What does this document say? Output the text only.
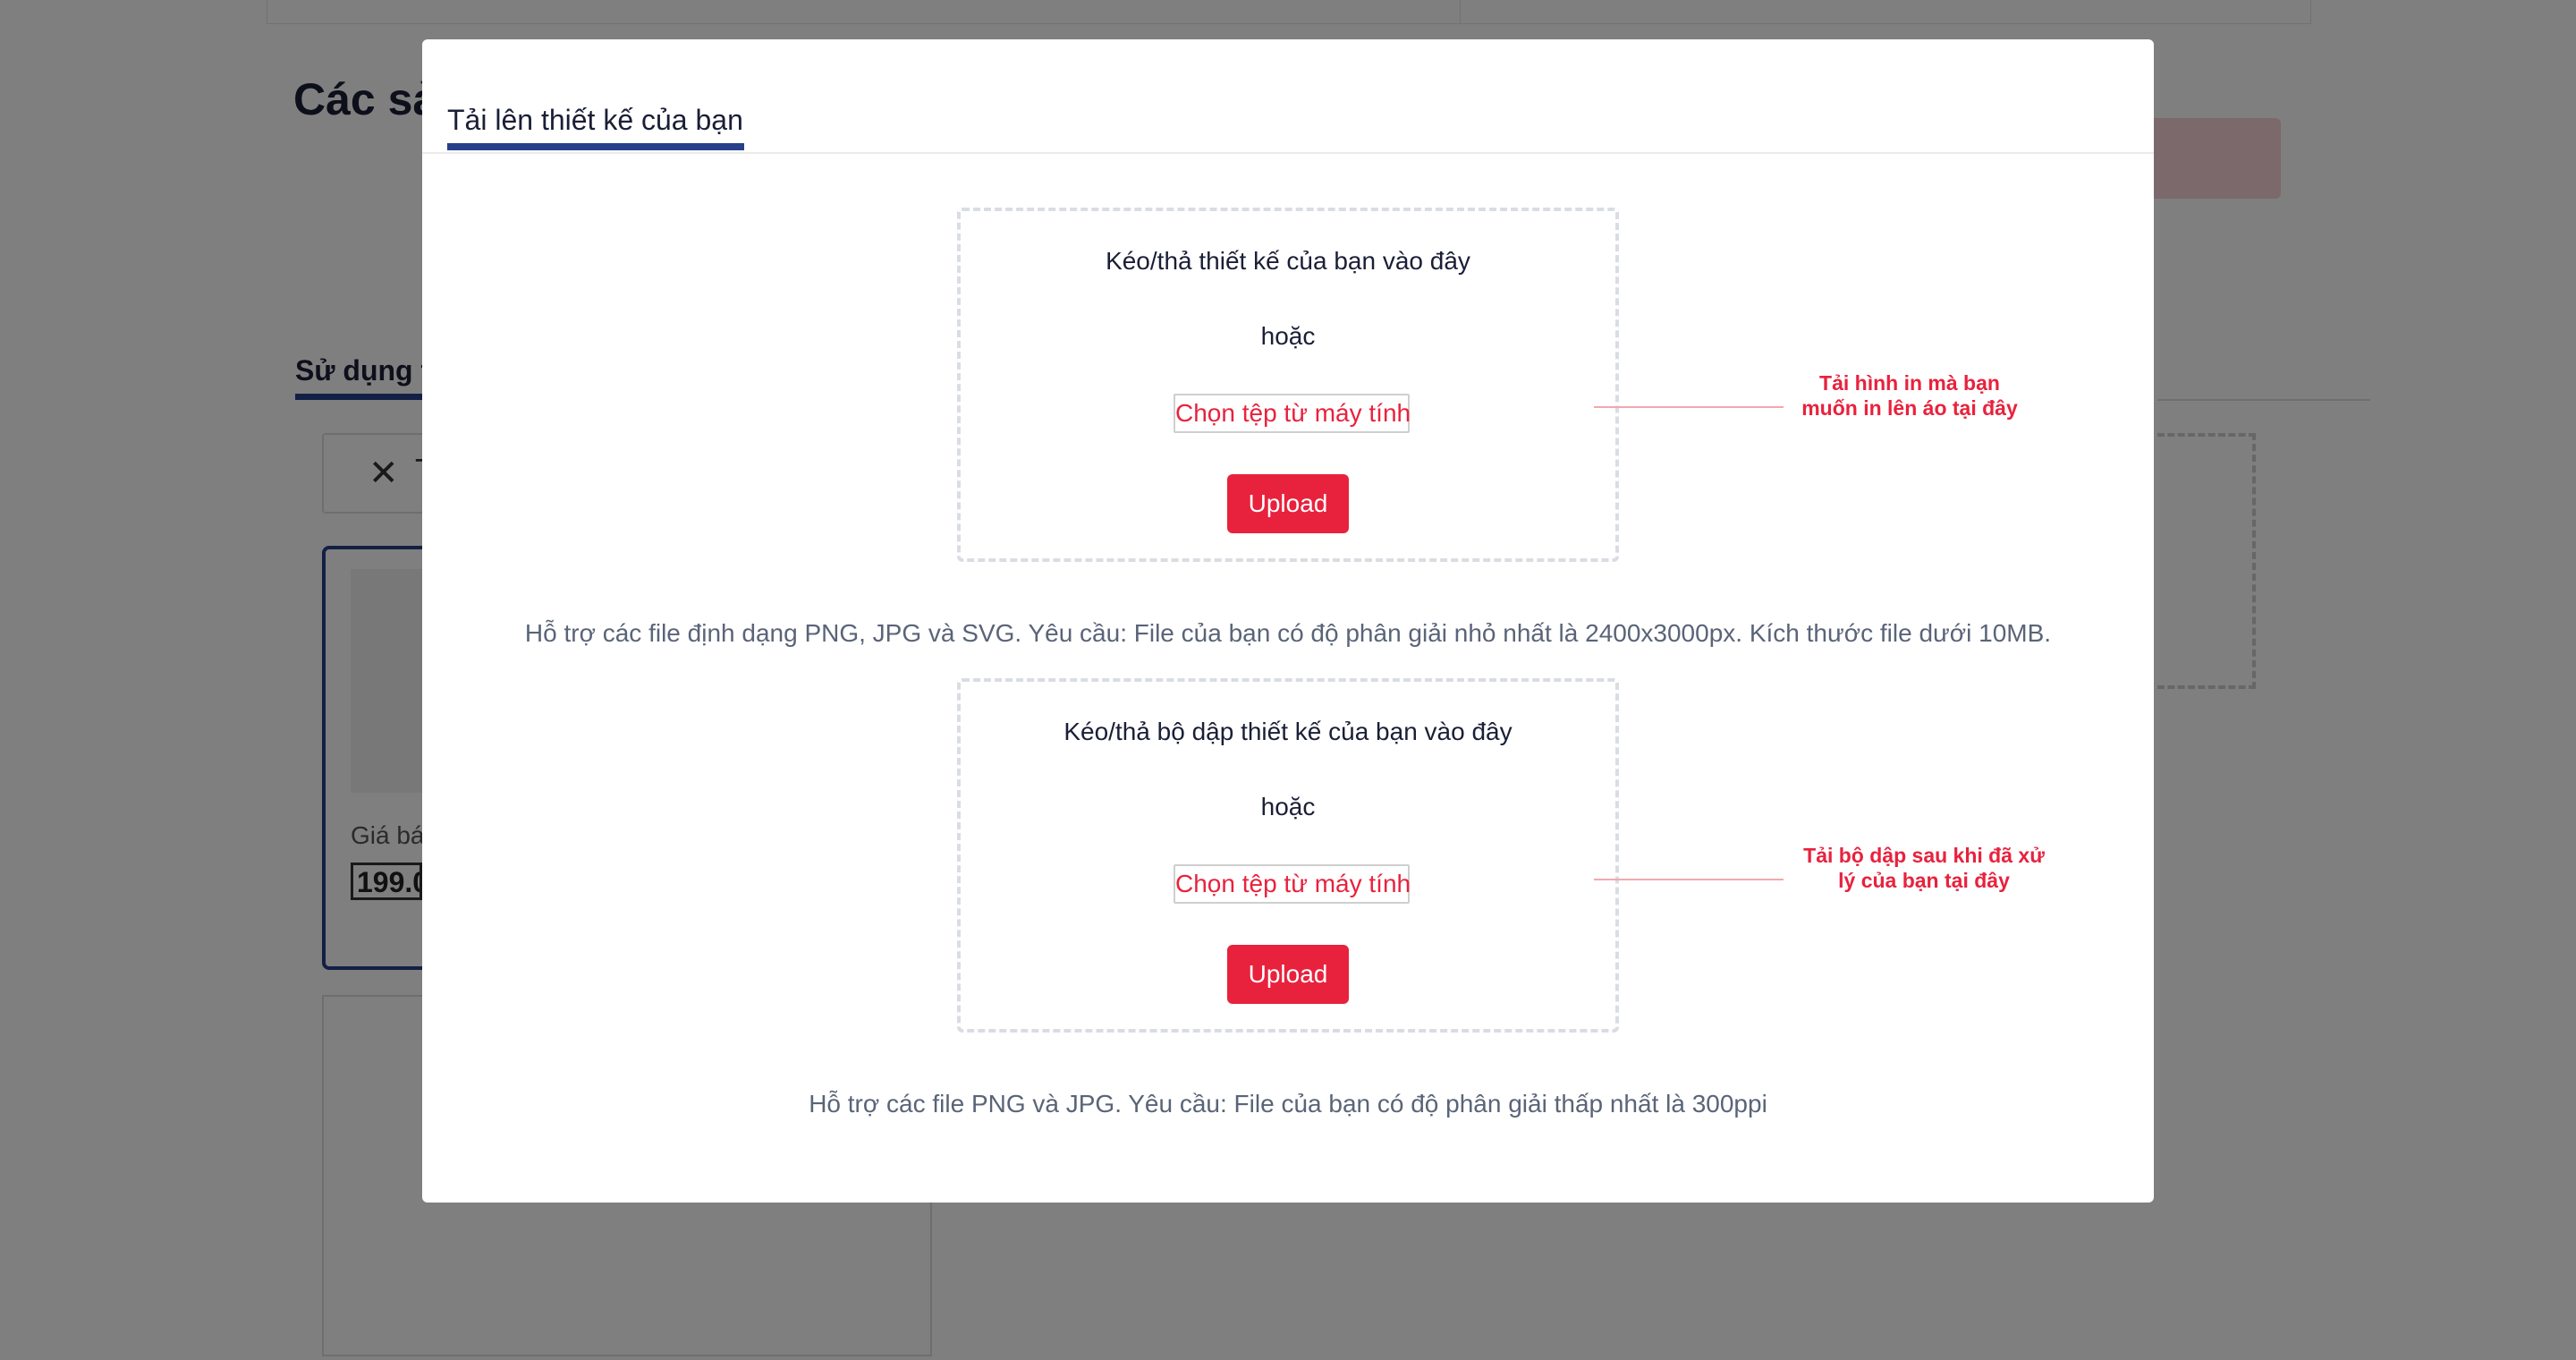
Tải lên thiết kế của bạn
Kéo/thả thiết kế của bạn vào đây
hoặc
Chọn tệp từ máy tính
Upload
Hỗ trợ các file định dạng PNG, JPG và SVG. Yêu cầu: File của bạn có độ phân giải nhỏ nhất là 2400x3000px. Kích thước file dưới 10MB.
Tải hình in mà bạn muốn in lên áo tại đây
Kéo/thả bộ dập thiết kế của bạn vào đây
hoặc
Chọn tệp từ máy tính
Upload
Hỗ trợ các file PNG và JPG. Yêu cầu: File của bạn có độ phân giải thấp nhất là 300ppi
Tải bộ dập sau khi đã xử lý của bạn tại đây
